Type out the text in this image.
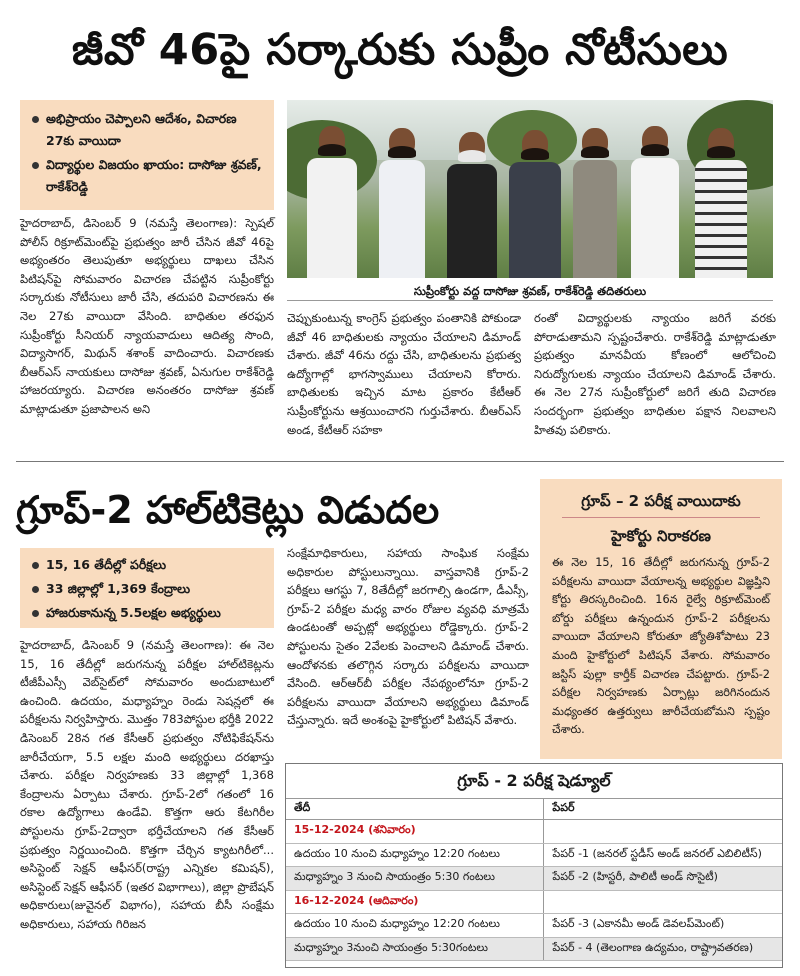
జీవో 46పై సర్కారుకు సుప్రీం నోటీసులు
అభిప్రాయం చెప్పాలని ఆదేశం, విచారణ 27కు వాయిదా
విద్యార్థుల విజయం ఖాయం: దాసోజు శ్రవణ్, రాకేశ్‌రెడ్డి
సుప్రీంకోర్టు వద్ద దాసోజు శ్రవణ్, రాకేశ్‌రెడ్డి తదితరులు

హైదరాబాద్, డిసెంబర్ 9 (నమస్తే తెలంగాణ): స్పెషల్ పోలీస్ రిక్రూట్‌మెంట్‌పై ప్రభుత్వం జారీ చేసిన జీవో 46పై అభ్యంతరం తెలుపుతూ అభ్యర్థులు దాఖలు చేసిన పిటిషన్‌పై సోమవారం విచారణ చేపట్టిన సుప్రీంకోర్టు సర్కారుకు నోటీసులు జారీ చేసి, తదుపరి విచారణను ఈ నెల 27కు వాయిదా వేసింది. బాధితుల తరఫున సుప్రీంకోర్టు సీనియర్ న్యాయవాదులు ఆదిత్య సొంది, విద్యాసాగర్, మిథున్ శశాంక్ వాదించారు. విచారణకు బీఆర్‌ఎస్ నాయకులు దాసోజు శ్రవణ్, ఏనుగుల రాకేశ్‌రెడ్డి హాజరయ్యారు. విచారణ అనంతరం దాసోజు శ్రవణ్ మాట్లాడుతూ ప్రజాపాలన అని

చెప్పుకుంటున్న కాంగ్రెస్ ప్రభుత్వం పంతానికి పోకుండా జీవో 46 బాధితులకు న్యాయం చేయాలని డిమాండ్ చేశారు. జీవో 46ను రద్దు చేసి, బాధితులను ప్రభుత్వ ఉద్యోగాల్లో భాగస్వాములు చేయాలని కోరారు. బాధితులకు ఇచ్చిన మాట ప్రకారం కేటీఆర్ సుప్రీంకోర్టును ఆశ్రయించారని గుర్తుచేశారు. బీఆర్‌ఎస్ అండ, కేటీఆర్ సహకా

రంతో విద్యార్థులకు న్యాయం జరిగే వరకు పోరాడుతామని స్పష్టంచేశారు. రాకేశ్‌రెడ్డి మాట్లాడుతూ ప్రభుత్వం మానవీయ కోణంలో ఆలోచించి నిరుద్యోగులకు న్యాయం చేయాలని డిమాండ్ చేశారు. ఈ నెల 27న సుప్రీంకోర్టులో జరిగే తుది విచారణ సందర్భంగా ప్రభుత్వం బాధితుల పక్షాన నిలవాలని హితవు పలికారు.

గ్రూప్-2 హాల్‌టికెట్లు విడుదల
15, 16 తేదీల్లో పరీక్షలు
33 జిల్లాల్లో 1,369 కేంద్రాలు
హాజరుకానున్న 5.5లక్షల అభ్యర్థులు

హైదరాబాద్, డిసెంబర్ 9 (నమస్తే తెలంగాణ): ఈ నెల 15, 16 తేదీల్లో జరుగనున్న పరీక్షల హాల్‌టికెట్లను టీజీపీఎస్సీ వెబ్‌సైట్‌లో సోమవారం అందుబాటులో ఉంచింది. ఉదయం, మధ్యాహ్నం రెండు సెషన్లలో ఈ పరీక్షలను నిర్వహిస్తారు. మొత్తం 783పోస్టుల భర్తీకి 2022 డిసెంబర్ 28న గత కేసీఆర్ ప్రభుత్వం నోటిఫికేషన్‌ను జారీచేయగా, 5.5 లక్షల మంది అభ్యర్థులు దరఖాస్తు చేశారు. పరీక్షల నిర్వహణకు 33 జిల్లాల్లో 1,368 కేంద్రాలను ఏర్పాటు చేశారు. గ్రూప్-2లో గతంలో 16 రకాల ఉద్యోగాలు ఉండేవి. కొత్తగా ఆరు కేటగిరీల పోస్టులను గ్రూప్-2ద్వారా భర్తీచేయాలని గత కేసీఆర్ ప్రభుత్వం నిర్ణయించింది. కొత్తగా చేర్చిన క్యాటగిరీలో... అసిస్టెంట్ సెక్షన్ ఆఫీసర్(రాష్ట్ర ఎన్నికల కమిషన్), అసిస్టెంట్ సెక్షన్ ఆఫీసర్ (ఇతర విభాగాలు), జిల్లా ప్రొబేషన్ అధికారులు(జువైనల్ విభాగం), సహాయ బీసీ సంక్షేమ అధికారులు, సహాయ గిరిజన

సంక్షేమాధికారులు, సహాయ సాంఘిక సంక్షేమ అధికారుల పోస్టులున్నాయి. వాస్తవానికి గ్రూప్-2 పరీక్షలు ఆగస్టు 7, 8తేదీల్లో జరగాల్సి ఉండగా, డీఎస్సీ, గ్రూప్-2 పరీక్షల మధ్య వారం రోజుల వ్యవధి మాత్రమే ఉండటంతో అప్పట్లో అభ్యర్థులు రోడ్డెక్కారు. గ్రూప్-2 పోస్టులను సైతం 2వేలకు పెంచాలని డిమాండ్ చేశారు. ఆందోళనకు తలొగ్గిన సర్కారు పరీక్షలను వాయిదా వేసింది. ఆర్‌ఆర్‌బీ పరీక్షల నేపథ్యంలోనూ గ్రూప్-2 పరీక్షలను వాయిదా వేయాలని అభ్యర్థులు డిమాండ్ చేస్తున్నారు. ఇదే అంశంపై హైకోర్టులో పిటిషన్ వేశారు.

గ్రూప్ – 2 పరీక్ష వాయిదాకు
హైకోర్టు నిరాకరణ
ఈ నెల 15, 16 తేదీల్లో జరుగనున్న గ్రూప్-2 పరీక్షలను వాయిదా వేయాలన్న అభ్యర్థుల విజ్ఞప్తిని కోర్టు తిరస్కరించింది. 16న రైల్వే రిక్రూట్‌మెంట్ బోర్డు పరీక్షలు ఉన్నందున గ్రూప్-2 పరీక్షలను వాయిదా వేయాలని కోరుతూ జ్యోతిశోపాటు 23 మంది హైకోర్టులో పిటిషన్ వేశారు. సోమవారం జస్టిస్ పుల్లా కార్తీక్ విచారణ చేపట్టారు. గ్రూప్-2 పరీక్షల నిర్వహణకు ఏర్పాట్లు జరిగినందున మధ్యంతర ఉత్తర్వులు జారీచేయబోమని స్పష్టం చేశారు.
గ్రూప్ - 2 పరీక్ష షెడ్యూల్
తేదీ	పేపర్
15-12-2024 (శనివారం)	
ఉదయం 10 నుంచి మధ్యాహ్నం 12:20 గంటలు	పేపర్ -1 (జనరల్ స్టడీస్ అండ్ జనరల్ ఎబిలిటీస్)
మధ్యాహ్నం 3 నుంచి సాయంత్రం 5:30 గంటలు	పేపర్ -2 (హిస్టరీ, పాలిటీ అండ్ సొసైటీ)
16-12-2024 (ఆదివారం)	
ఉదయం 10 నుంచి మధ్యాహ్నం 12:20 గంటలు	పేపర్ -3 (ఎకానమీ అండ్ డెవలప్‌మెంట్)
మధ్యాహ్నం 3నుంచి సాయంత్రం 5:30గంటలు	పేపర్ - 4 (తెలంగాణ ఉద్యమం, రాష్ట్రావతరణ)
